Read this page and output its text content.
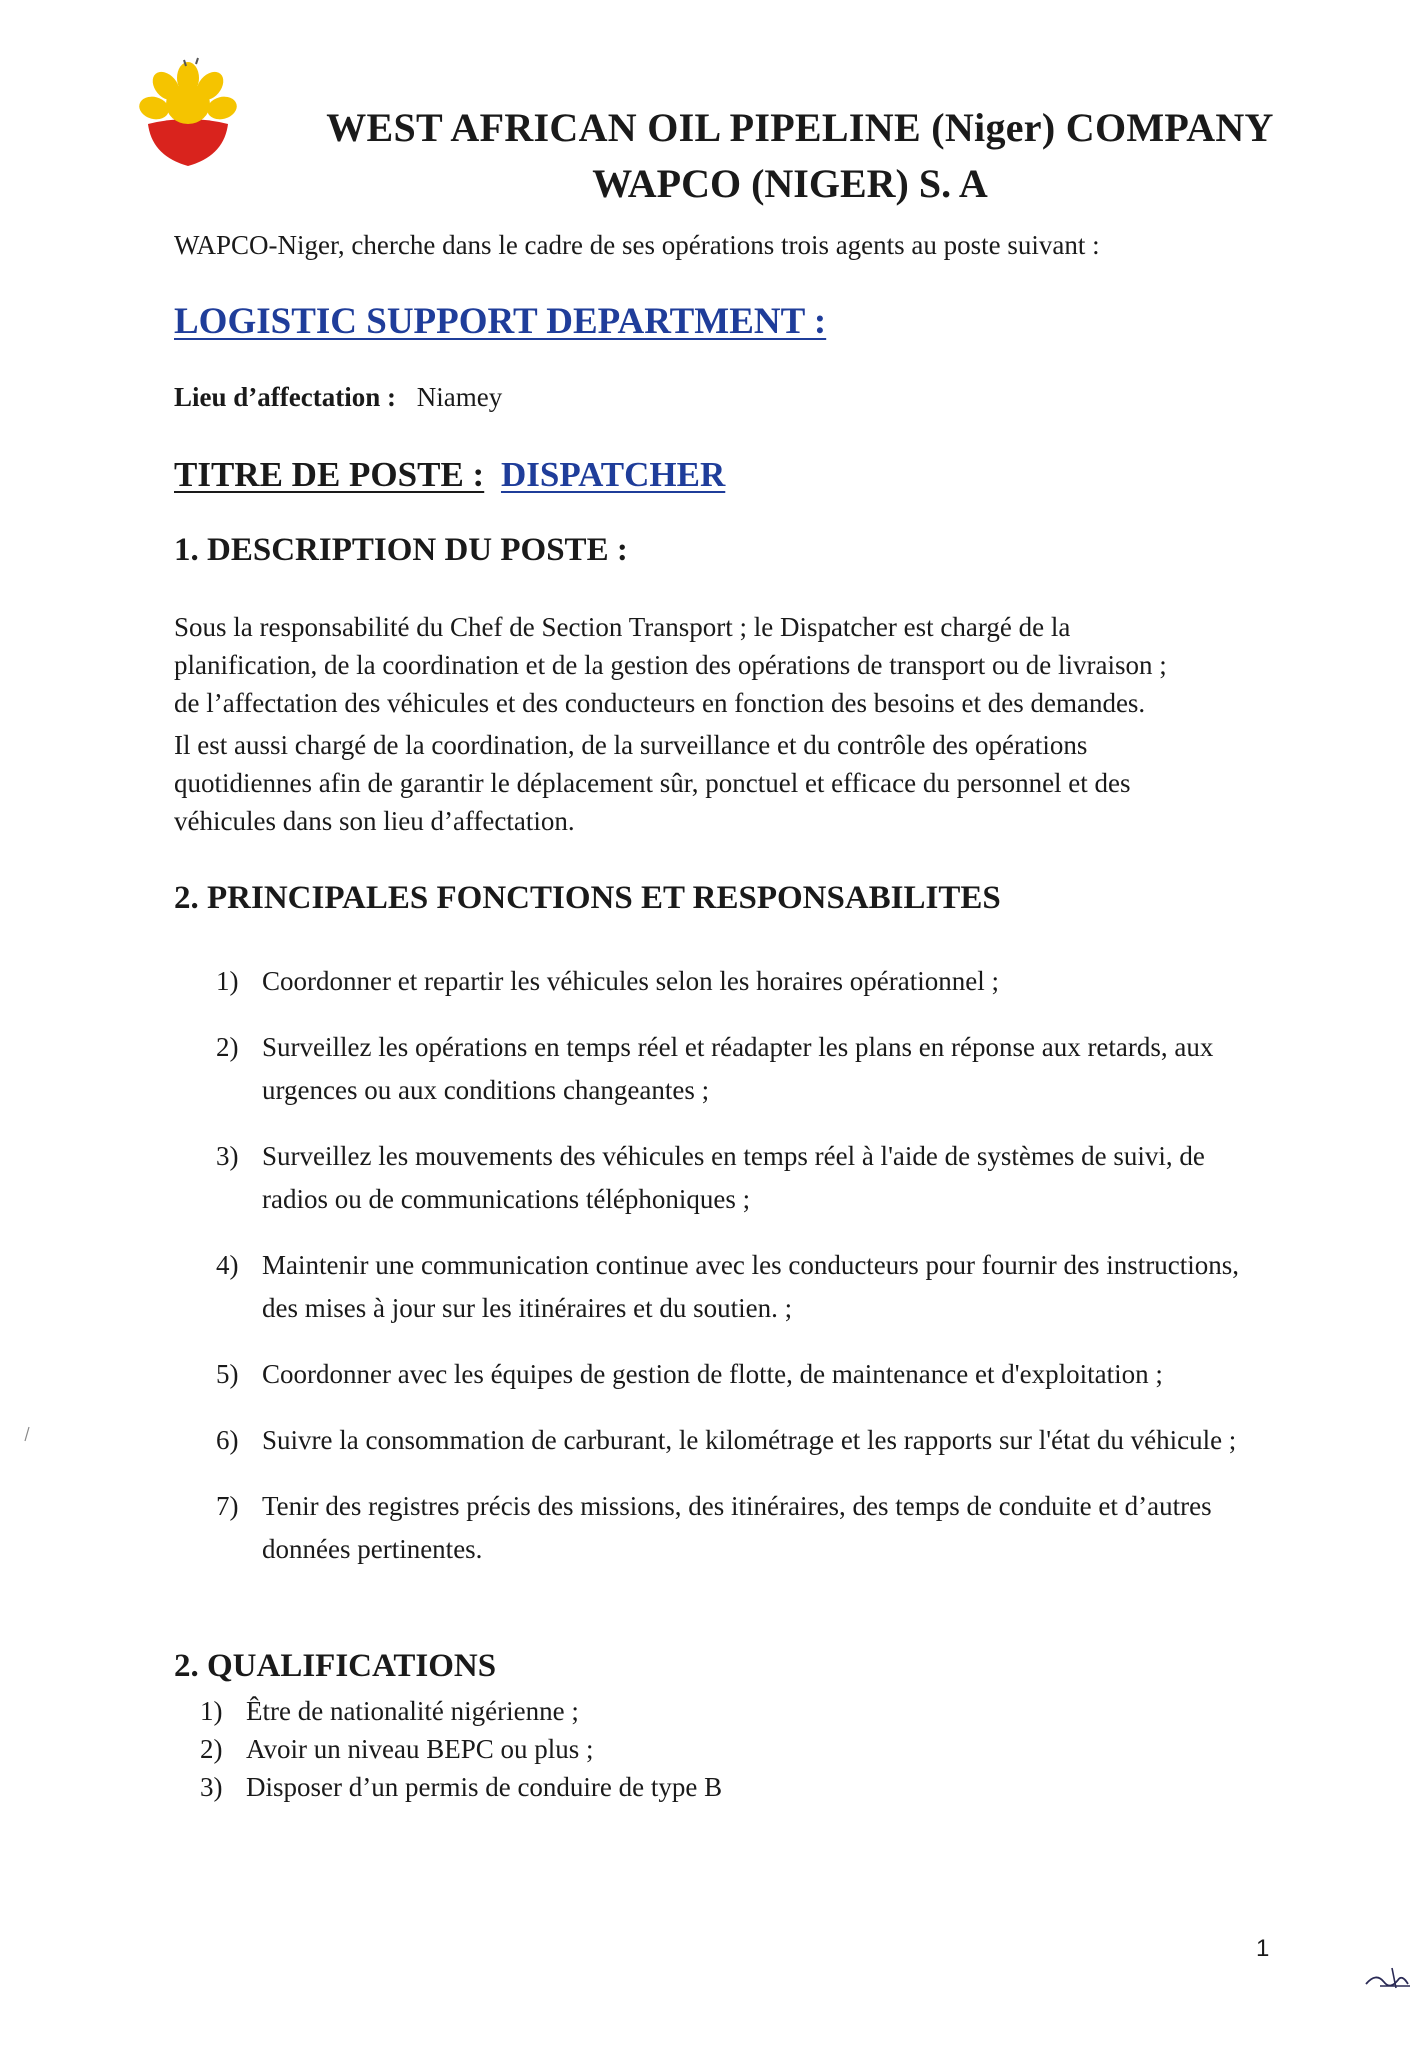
WEST AFRICAN OIL PIPELINE (Niger) COMPANY
WAPCO (NIGER) S. A
WAPCO-Niger, cherche dans le cadre de ses opérations trois agents au poste suivant :
LOGISTIC SUPPORT DEPARTMENT :
Lieu d’affectation : Niamey
TITRE DE POSTE : DISPATCHER
1. DESCRIPTION DU POSTE :
Sous la responsabilité du Chef de Section Transport ; le Dispatcher est chargé de la
planification, de la coordination et de la gestion des opérations de transport ou de livraison ;
de l’affectation des véhicules et des conducteurs en fonction des besoins et des demandes.
Il est aussi chargé de la coordination, de la surveillance et du contrôle des opérations
quotidiennes afin de garantir le déplacement sûr, ponctuel et efficace du personnel et des
véhicules dans son lieu d’affectation.
2. PRINCIPALES FONCTIONS ET RESPONSABILITES
1) Coordonner et repartir les véhicules selon les horaires opérationnel ;
2) Surveillez les opérations en temps réel et réadapter les plans en réponse aux retards, aux urgences ou aux conditions changeantes ;
3) Surveillez les mouvements des véhicules en temps réel à l'aide de systèmes de suivi, de radios ou de communications téléphoniques ;
4) Maintenir une communication continue avec les conducteurs pour fournir des instructions, des mises à jour sur les itinéraires et du soutien. ;
5) Coordonner avec les équipes de gestion de flotte, de maintenance et d'exploitation ;
6) Suivre la consommation de carburant, le kilométrage et les rapports sur l'état du véhicule ;
7) Tenir des registres précis des missions, des itinéraires, des temps de conduite et d’autres données pertinentes.
2. QUALIFICATIONS
1) Être de nationalité nigérienne ;
2) Avoir un niveau BEPC ou plus ;
3) Disposer d’un permis de conduire de type B
1
